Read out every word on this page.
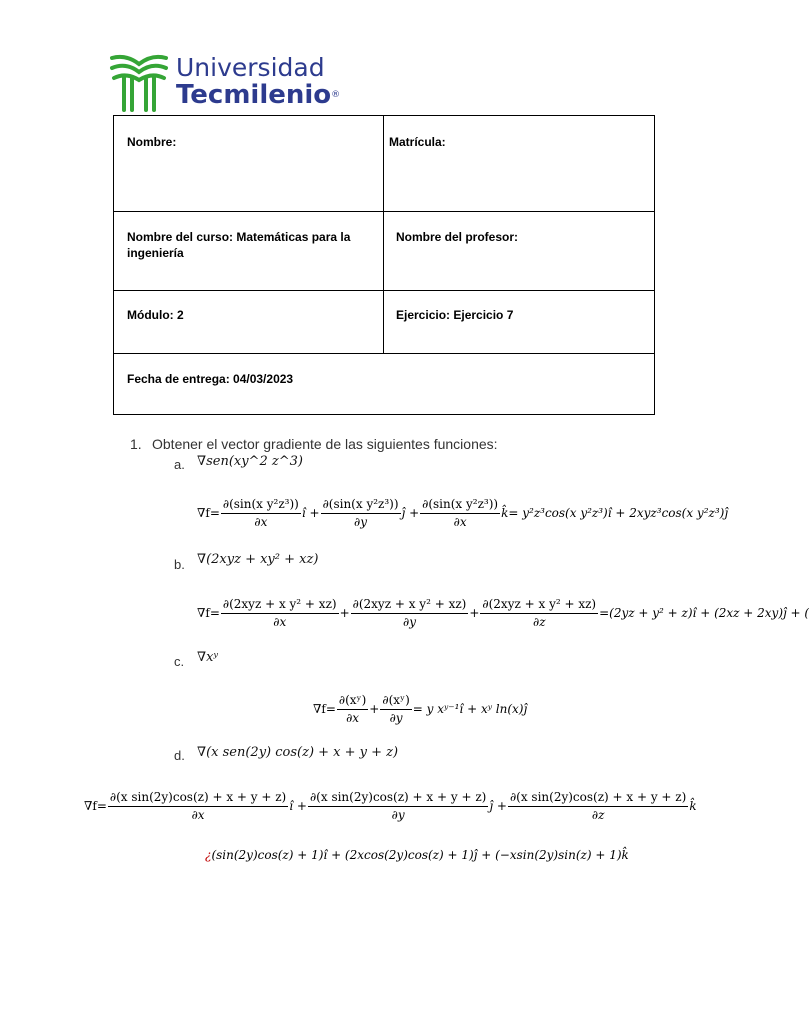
Universidad
Tecmilenio®
Nombre:	Matrícula:
Nombre del curso: Matemáticas para la ingeniería
Nombre del profesor:
Módulo: 2	Ejercicio: Ejercicio 7
Fecha de entrega: 04/03/2023
1. Obtener el vector gradiente de las siguientes funciones:
a. ∇sen(xy^2 z^3)
$\nabla f= \frac{\text{∂(sin(x y²z³))}}{\partial x}$ î + $\frac{\text{∂(sin(x y²z³))}}{\partial y}$ ĵ + $\frac{\text{∂(sin(x y²z³))}}{\partial x}$ k̂= y²z³cos(x y²z³)î + 2xyz³cos(x y²z³)ĵ
b. ∇(2xyz + xy² + xz)
$\nabla f= \frac{\text{∂(2xyz + x y² + xz)}}{\partial x} + \frac{\text{∂(2xyz + x y² + xz)}}{\partial y} + \frac{\text{∂(2xyz + x y² + xz)}}{\partial z} =(2yz + y^2$ + z)î + (2xz + 2xy)ĵ + (
c. ∇xʸ
$\nabla f= \frac{\text{∂(xʸ)}}{\partial x} + \frac{\text{∂(xʸ)}}{\partial y} = y$ xʸ⁻¹î + xʸ ln(x)ĵ
d. ∇(x sen(2y) cos(z) + x + y + z)
$\nabla f= \frac{\text{∂(x sin(2y)cos(z) + x + y + z)}}{\partial x}$ î + $\frac{\text{∂(x sin(2y)cos(z) + x + y + z)}}{\partial y}$ ĵ + $\frac{\text{∂(x sin(2y)cos(z) + x + y + z)}}{\partial z}$ k̂
¿ (sin(2y)cos(z) + 1)î + (2xcos(2y)cos(z) + 1)ĵ + (−xsin(2y)sin(z) + 1)k̂
